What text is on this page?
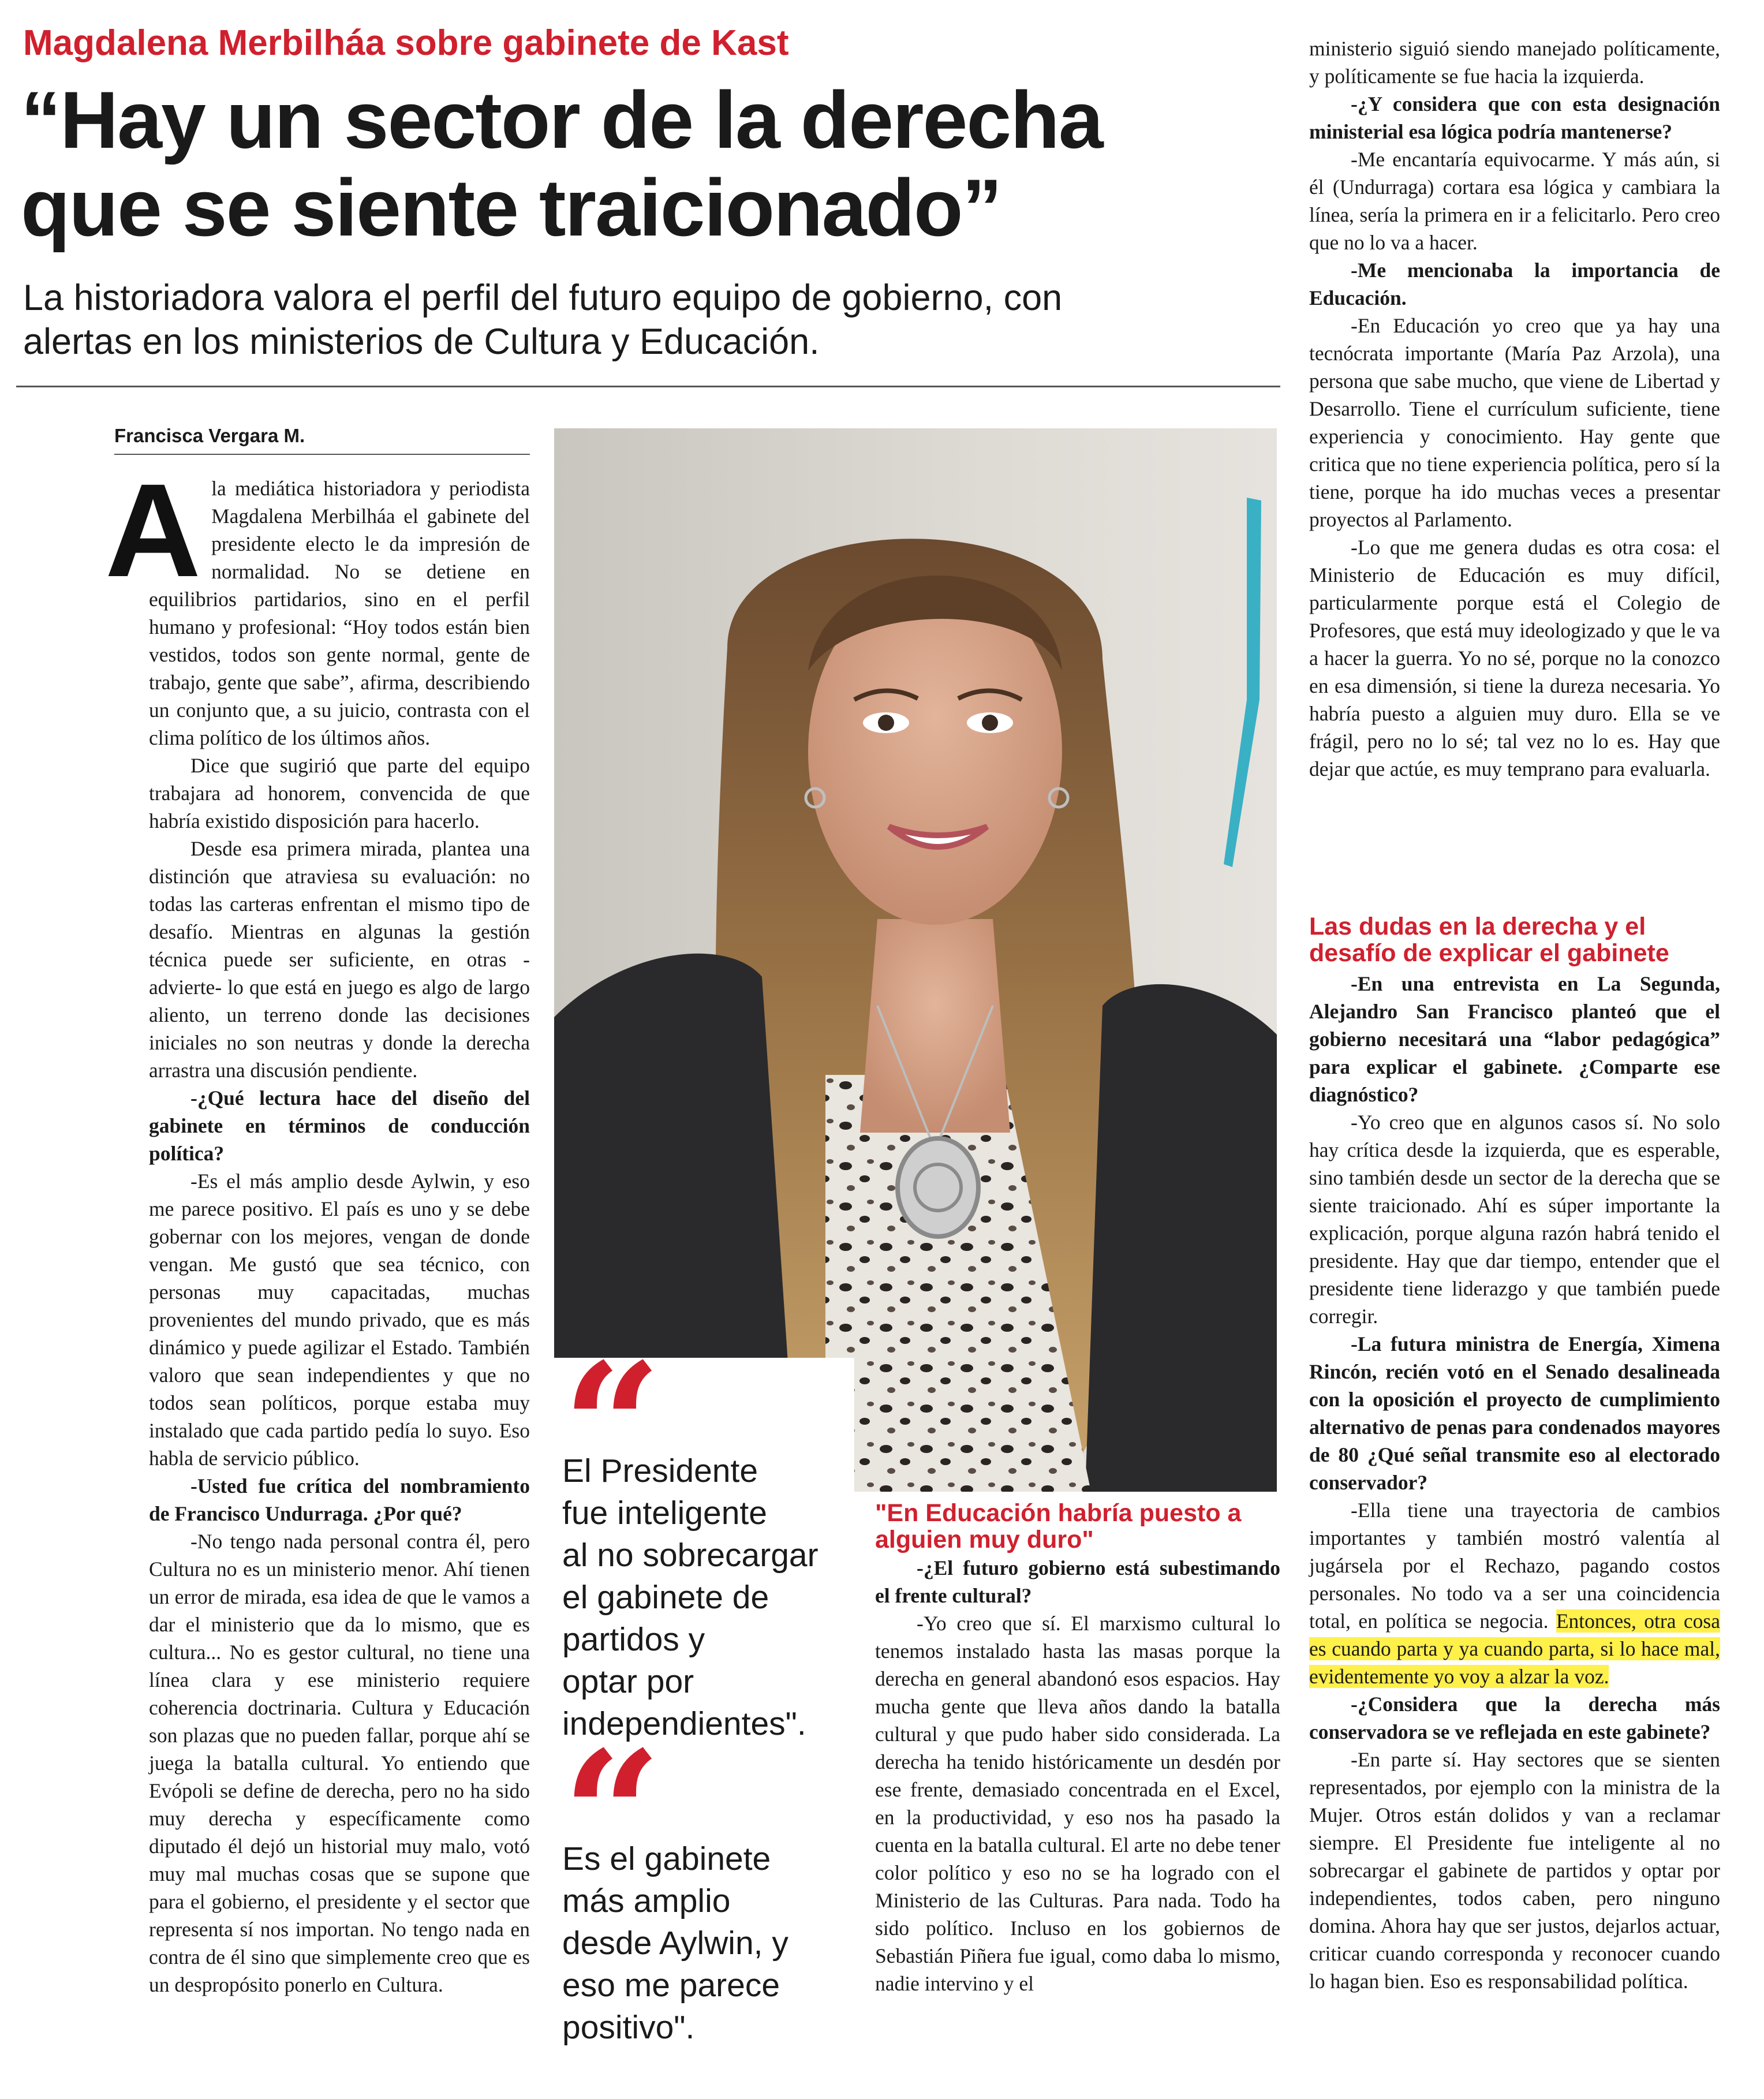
Magdalena Merbilháa sobre gabinete de Kast
“Hay un sector de la derecha
que se siente traicionado”
La historiadora valora el perfil del futuro equipo de gobierno, con
alertas en los ministerios de Cultura y Educación.
Francisca Vergara M.

Ala mediática historiadora y periodista Magdalena Merbilháa el gabinete del presidente electo le da impresión de normalidad. No se detiene en equilibrios partidarios, sino en el perfil humano y profesional: “Hoy todos están bien vestidos, todos son gente normal, gente de trabajo, gente que sabe”, afirma, describiendo un conjunto que, a su juicio, contrasta con el clima político de los últimos años.

Dice que sugirió que parte del equipo trabajara ad honorem, convencida de que habría existido disposición para hacerlo.

Desde esa primera mirada, plantea una distinción que atraviesa su evaluación: no todas las carteras enfrentan el mismo tipo de desafío. Mientras en algunas la gestión técnica puede ser suficiente, en otras -advierte- lo que está en juego es algo de largo aliento, un terreno donde las decisiones iniciales no son neutras y donde la derecha arrastra una discusión pendiente.

-¿Qué lectura hace del diseño del gabinete en términos de conducción política?

-Es el más amplio desde Aylwin, y eso me parece positivo. El país es uno y se debe gobernar con los mejores, vengan de donde vengan. Me gustó que sea técnico, con personas muy capacitadas, muchas provenientes del mundo privado, que es más dinámico y puede agilizar el Estado. También valoro que sean independientes y que no todos sean políticos, porque estaba muy instalado que cada partido pedía lo suyo. Eso habla de servicio público.

-Usted fue crítica del nombramiento de Francisco Undurraga. ¿Por qué?

-No tengo nada personal contra él, pero Cultura no es un ministerio menor. Ahí tienen un error de mirada, esa idea de que le vamos a dar el ministerio que da lo mismo, que es cultura... No es gestor cultural, no tiene una línea clara y ese ministerio requiere coherencia doctrinaria. Cultura y Educación son plazas que no pueden fallar, porque ahí se juega la batalla cultural. Yo entiendo que Evópoli se define de derecha, pero no ha sido muy derecha y específicamente como diputado él dejó un historial muy malo, votó muy mal muchas cosas que se supone que para el gobierno, el presidente y el sector que representa sí nos importan. No tengo nada en contra de él sino que simplemente creo que es un despropósito ponerlo en Cultura.

El Presidente
fue inteligente
al no sobrecargar
el gabinete de
partidos y
optar por
independientes".
Es el gabinete
más amplio
desde Aylwin, y
eso me parece
positivo".
"En Educación habría puesto a alguien muy duro"

-¿El futuro gobierno está subestimando el frente cultural?

-Yo creo que sí. El marxismo cultural lo tenemos instalado hasta las masas porque la derecha en general abandonó esos espacios. Hay mucha gente que lleva años dando la batalla cultural y que pudo haber sido considerada. La derecha ha tenido históricamente un desdén por ese frente, demasiado concentrada en el Excel, en la productividad, y eso nos ha pasado la cuenta en la batalla cultural. El arte no debe tener color político y eso no se ha logrado con el Ministerio de las Culturas. Para nada. Todo ha sido político. Incluso en los gobiernos de Sebastián Piñera fue igual, como daba lo mismo, nadie intervino y el

ministerio siguió siendo manejado políticamente, y políticamente se fue hacia la izquierda.

-¿Y considera que con esta designación ministerial esa lógica podría mantenerse?

-Me encantaría equivocarme. Y más aún, si él (Undurraga) cortara esa lógica y cambiara la línea, sería la primera en ir a felicitarlo. Pero creo que no lo va a hacer.

-Me mencionaba la importancia de Educación.

-En Educación yo creo que ya hay una tecnócrata importante (María Paz Arzola), una persona que sabe mucho, que viene de Libertad y Desarrollo. Tiene el currículum suficiente, tiene experiencia y conocimiento. Hay gente que critica que no tiene experiencia política, pero sí la tiene, porque ha ido muchas veces a presentar proyectos al Parlamento.

-Lo que me genera dudas es otra cosa: el Ministerio de Educación es muy difícil, particularmente porque está el Colegio de Profesores, que está muy ideologizado y que le va a hacer la guerra. Yo no sé, porque no la conozco en esa dimensión, si tiene la dureza necesaria. Yo habría puesto a alguien muy duro. Ella se ve frágil, pero no lo sé; tal vez no lo es. Hay que dejar que actúe, es muy temprano para evaluarla.

Las dudas en la derecha y el desafío de explicar el gabinete

-En una entrevista en La Segunda, Alejandro San Francisco planteó que el gobierno necesitará una “labor pedagógica” para explicar el gabinete. ¿Comparte ese diagnóstico?

-Yo creo que en algunos casos sí. No solo hay crítica desde la izquierda, que es esperable, sino también desde un sector de la derecha que se siente traicionado. Ahí es súper importante la explicación, porque alguna razón habrá tenido el presidente. Hay que dar tiempo, entender que el presidente tiene liderazgo y que también puede corregir.

-La futura ministra de Energía, Ximena Rincón, recién votó en el Senado desalineada con la oposición el proyecto de cumplimiento alternativo de penas para condenados mayores de 80 ¿Qué señal transmite eso al electorado conservador?

-Ella tiene una trayectoria de cambios importantes y también mostró valentía al jugársela por el Rechazo, pagando costos personales. No todo va a ser una coincidencia total, en política se negocia. Entonces, otra cosa es cuando parta y ya cuando parta, si lo hace mal, evidentemente yo voy a alzar la voz.

-¿Considera que la derecha más conservadora se ve reflejada en este gabinete?

-En parte sí. Hay sectores que se sienten representados, por ejemplo con la ministra de la Mujer. Otros están dolidos y van a reclamar siempre. El Presidente fue inteligente al no sobrecargar el gabinete de partidos y optar por independientes, todos caben, pero ninguno domina. Ahora hay que ser justos, dejarlos actuar, criticar cuando corresponda y reconocer cuando lo hagan bien. Eso es responsabilidad política.
